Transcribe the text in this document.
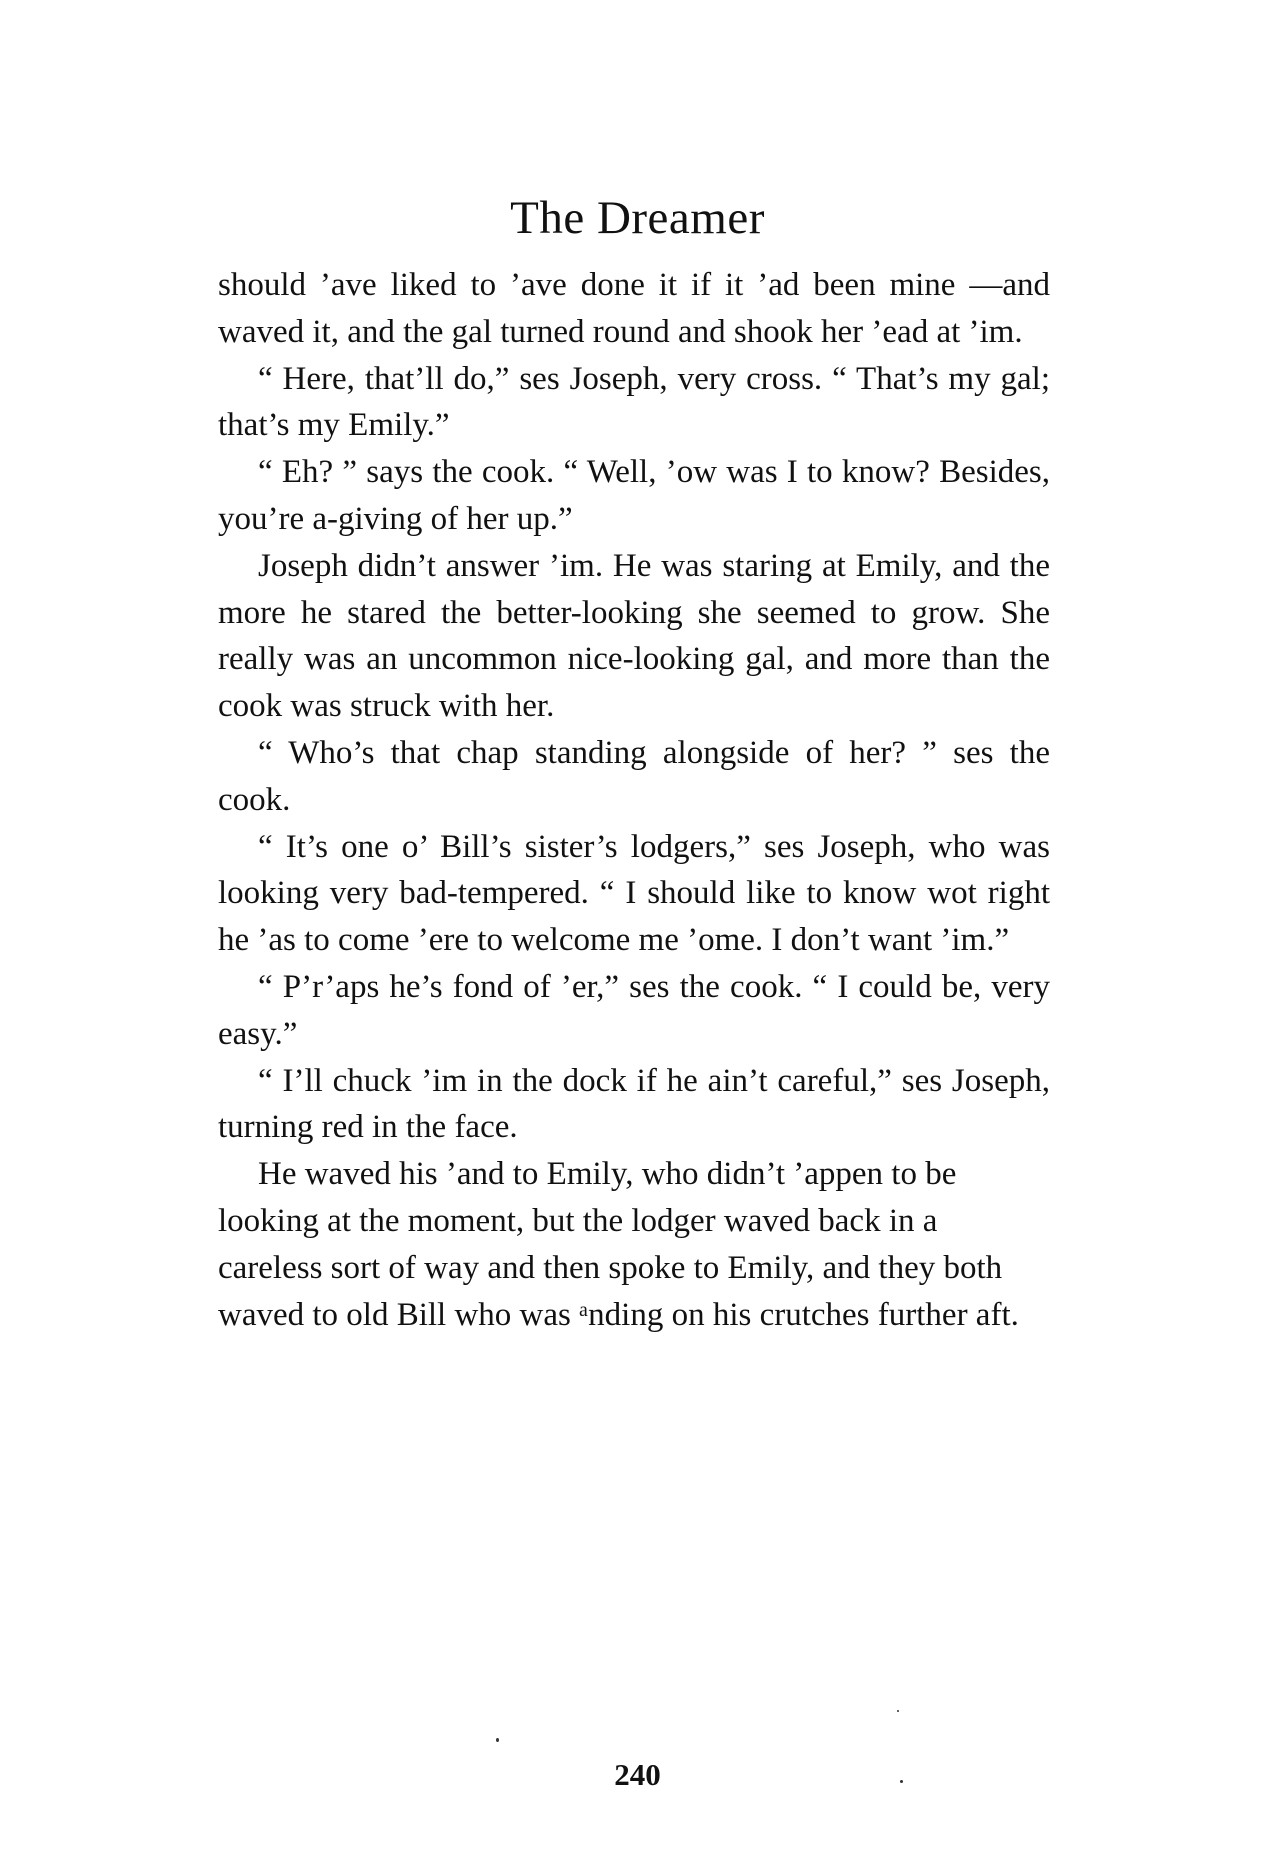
The Dreamer

should ’ave liked to ’ave done it if it ’ad been mine —and waved it, and the gal turned round and shook her ’ead at ’im.

“ Here, that’ll do,” ses Joseph, very cross. “ That’s my gal; that’s my Emily.”

“ Eh? ” says the cook. “ Well, ’ow was I to know? Besides, you’re a-giving of her up.”

Joseph didn’t answer ’im. He was staring at Emily, and the more he stared the better-looking she seemed to grow. She really was an uncommon nice-looking gal, and more than the cook was struck with her.

“ Who’s that chap standing alongside of her? ” ses the cook.

“ It’s one o’ Bill’s sister’s lodgers,” ses Joseph, who was looking very bad-tempered. “ I should like to know wot right he ’as to come ’ere to welcome me ’ome. I don’t want ’im.”

“ P’r’aps he’s fond of ’er,” ses the cook. “ I could be, very easy.”

“ I’ll chuck ’im in the dock if he ain’t careful,” ses Joseph, turning red in the face.

He waved his ’and to Emily, who didn’t ’appen to be looking at the moment, but the lodger waved back in a careless sort of way and then spoke to Emily, and they both waved to old Bill who was ᵃnding on his crutches further aft.

240
